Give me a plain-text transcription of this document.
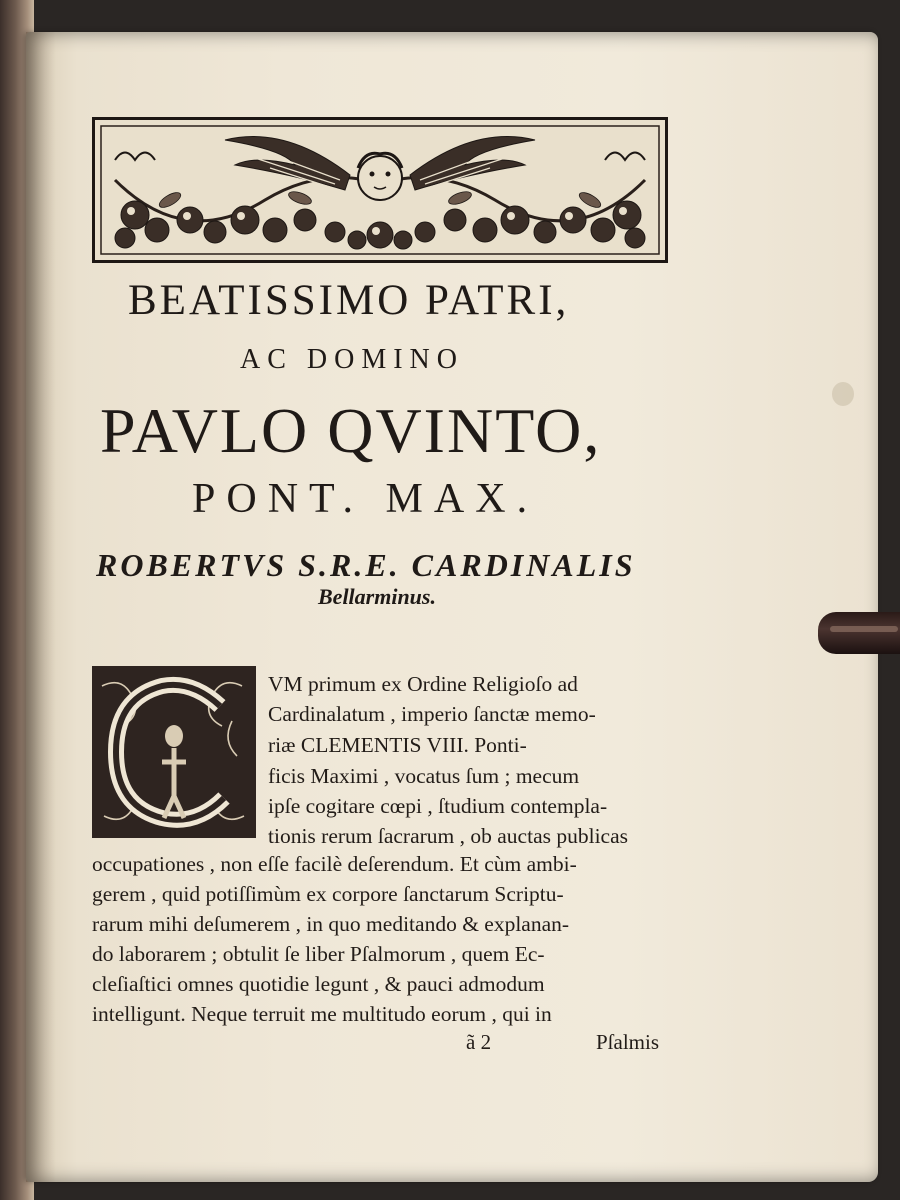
BEATISSIMO PATRI,
AC DOMINO
PAVLO QVINTO,
PONT. MAX.
ROBERTVS S.R.E. CARDINALIS
Bellarminus.
VM primum ex Ordine Religioſo ad
Cardinalatum , imperio ſanctæ memo-
riæ CLEMENTIS VIII. Ponti-
ficis Maximi , vocatus ſum ; mecum
ipſe cogitare cœpi , ſtudium contempla-
tionis rerum ſacrarum , ob auctas publicas
occupationes , non eſſe facilè deſerendum. Et cùm ambi-
gerem , quid potiſſimùm ex corpore ſanctarum Scriptu-
rarum mihi deſumerem , in quo meditando & explanan-
do laborarem ; obtulit ſe liber Pſalmorum , quem Ec-
cleſiaſtici omnes quotidie legunt , & pauci admodum
intelligunt. Neque terruit me multitudo eorum , qui in
ã 2	Pſalmis
